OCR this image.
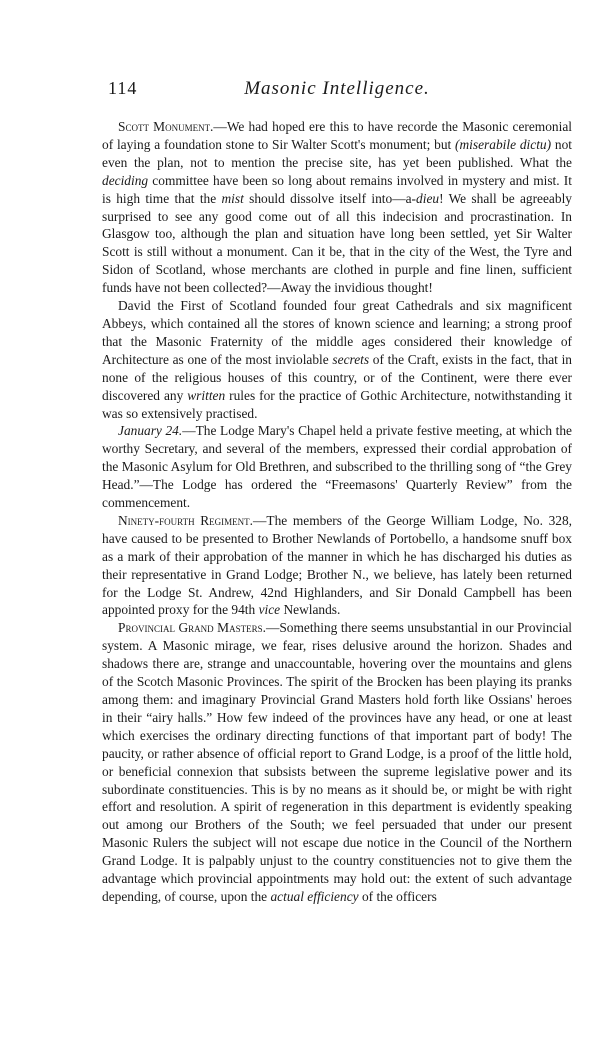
114	Masonic Intelligence.

Scott Monument.—We had hoped ere this to have recorde the Masonic ceremonial of laying a foundation stone to Sir Walter Scott's monument; but (miserabile dictu) not even the plan, not to mention the precise site, has yet been published. What the deciding committee have been so long about remains involved in mystery and mist. It is high time that the mist should dissolve itself into—a-dieu! We shall be agreeably surprised to see any good come out of all this indecision and procrastination. In Glasgow too, although the plan and situation have long been settled, yet Sir Walter Scott is still without a monument. Can it be, that in the city of the West, the Tyre and Sidon of Scotland, whose merchants are clothed in purple and fine linen, sufficient funds have not been collected?—Away the invidious thought!

David the First of Scotland founded four great Cathedrals and six magnificent Abbeys, which contained all the stores of known science and learning; a strong proof that the Masonic Fraternity of the middle ages considered their knowledge of Architecture as one of the most inviolable secrets of the Craft, exists in the fact, that in none of the religious houses of this country, or of the Continent, were there ever discovered any written rules for the practice of Gothic Architecture, notwithstanding it was so extensively practised.

January 24.—The Lodge Mary's Chapel held a private festive meeting, at which the worthy Secretary, and several of the members, expressed their cordial approbation of the Masonic Asylum for Old Brethren, and subscribed to the thrilling song of “the Grey Head.”—The Lodge has ordered the “Freemasons' Quarterly Review” from the commencement.

Ninety-fourth Regiment.—The members of the George William Lodge, No. 328, have caused to be presented to Brother Newlands of Portobello, a handsome snuff box as a mark of their approbation of the manner in which he has discharged his duties as their representative in Grand Lodge; Brother N., we believe, has lately been returned for the Lodge St. Andrew, 42nd Highlanders, and Sir Donald Campbell has been appointed proxy for the 94th vice Newlands.

Provincial Grand Masters.—Something there seems unsubstantial in our Provincial system. A Masonic mirage, we fear, rises delusive around the horizon. Shades and shadows there are, strange and unaccountable, hovering over the mountains and glens of the Scotch Masonic Provinces. The spirit of the Brocken has been playing its pranks among them: and imaginary Provincial Grand Masters hold forth like Ossians' heroes in their “airy halls.” How few indeed of the provinces have any head, or one at least which exercises the ordinary directing functions of that important part of body! The paucity, or rather absence of official report to Grand Lodge, is a proof of the little hold, or beneficial connexion that subsists between the supreme legislative power and its subordinate constituencies. This is by no means as it should be, or might be with right effort and resolution. A spirit of regeneration in this department is evidently speaking out among our Brothers of the South; we feel persuaded that under our present Masonic Rulers the subject will not escape due notice in the Council of the Northern Grand Lodge. It is palpably unjust to the country constituencies not to give them the advantage which provincial appointments may hold out: the extent of such advantage depending, of course, upon the actual efficiency of the officers
